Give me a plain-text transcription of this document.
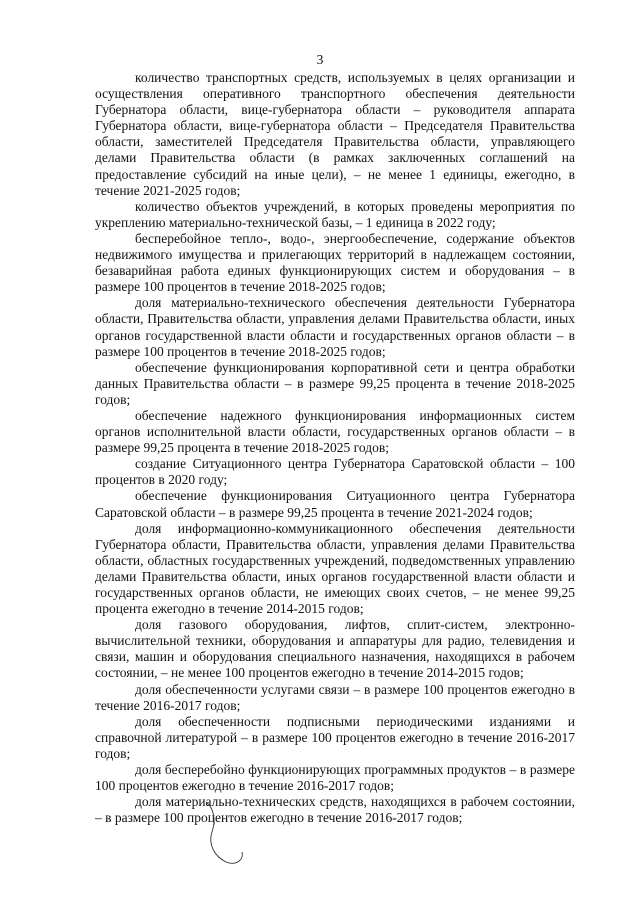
3

количество транспортных средств, используемых в целях организации и осуществления оперативного транспортного обеспечения деятельности Губернатора области, вице-губернатора области – руководителя аппарата Губернатора области, вице-губернатора области – Председателя Правительства области, заместителей Председателя Правительства области, управляющего делами Правительства области (в рамках заключенных соглашений на предоставление субсидий на иные цели), – не менее 1 единицы, ежегодно, в течение 2021-2025 годов;

количество объектов учреждений, в которых проведены мероприятия по укреплению материально-технической базы, – 1 единица в 2022 году;

бесперебойное тепло-, водо-, энергообеспечение, содержание объектов недвижимого имущества и прилегающих территорий в надлежащем состоянии, безаварийная работа единых функционирующих систем и оборудования – в размере 100 процентов в течение 2018-2025 годов;

доля материально-технического обеспечения деятельности Губернатора области, Правительства области, управления делами Правительства области, иных органов государственной власти области и государственных органов области – в размере 100 процентов в течение 2018-2025 годов;

обеспечение функционирования корпоративной сети и центра обработки данных Правительства области – в размере 99,25 процента в течение 2018-2025 годов;

обеспечение надежного функционирования информационных систем органов исполнительной власти области, государственных органов области – в размере 99,25 процента в течение 2018-2025 годов;

создание Ситуационного центра Губернатора Саратовской области – 100 процентов в 2020 году;

обеспечение функционирования Ситуационного центра Губернатора Саратовской области – в размере 99,25 процента в течение 2021-2024 годов;

доля информационно-коммуникационного обеспечения деятельности Губернатора области, Правительства области, управления делами Правительства области, областных государственных учреждений, подведомственных управлению делами Правительства области, иных органов государственной власти области и государственных органов области, не имеющих своих счетов, – не менее 99,25 процента ежегодно в течение 2014-2015 годов;

доля газового оборудования, лифтов, сплит-систем, электронно-вычислительной техники, оборудования и аппаратуры для радио, телевидения и связи, машин и оборудования специального назначения, находящихся в рабочем состоянии, – не менее 100 процентов ежегодно в течение 2014-2015 годов;

доля обеспеченности услугами связи – в размере 100 процентов ежегодно в течение 2016-2017 годов;

доля обеспеченности подписными периодическими изданиями и справочной литературой – в размере 100 процентов ежегодно в течение 2016-2017 годов;

доля бесперебойно функционирующих программных продуктов – в размере 100 процентов ежегодно в течение 2016-2017 годов;

доля материально-технических средств, находящихся в рабочем состоянии, – в размере 100 процентов ежегодно в течение 2016-2017 годов;
